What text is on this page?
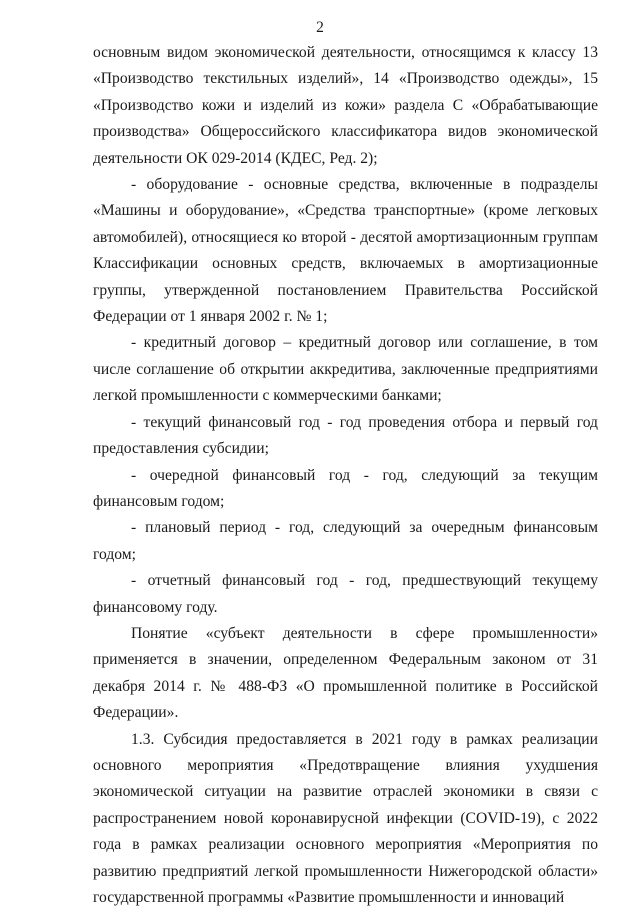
2

основным видом экономической деятельности, относящимся к классу 13 «Производство текстильных изделий», 14 «Производство одежды», 15 «Производство кожи и изделий из кожи» раздела С «Обрабатывающие производства» Общероссийского классификатора видов экономической деятельности ОК 029-2014 (КДЕС, Ред. 2);

- оборудование - основные средства, включенные в подразделы «Машины и оборудование», «Средства транспортные» (кроме легковых автомобилей), относящиеся ко второй - десятой амортизационным группам Классификации основных средств, включаемых в амортизационные группы, утвержденной постановлением Правительства Российской Федерации от 1 января 2002 г. № 1;

- кредитный договор – кредитный договор или соглашение, в том числе соглашение об открытии аккредитива, заключенные предприятиями легкой промышленности с коммерческими банками;

- текущий финансовый год - год проведения отбора и первый год предоставления субсидии;

- очередной финансовый год - год, следующий за текущим финансовым годом;

- плановый период - год, следующий за очередным финансовым годом;

- отчетный финансовый год - год, предшествующий текущему финансовому году.

Понятие «субъект деятельности в сфере промышленности» применяется в значении, определенном Федеральным законом от 31 декабря 2014 г. № 488-ФЗ «О промышленной политике в Российской Федерации».

1.3. Субсидия предоставляется в 2021 году в рамках реализации основного мероприятия «Предотвращение влияния ухудшения экономической ситуации на развитие отраслей экономики в связи с распространением новой коронавирусной инфекции (COVID-19), с 2022 года в рамках реализации основного мероприятия «Мероприятия по развитию предприятий легкой промышленности Нижегородской области» государственной программы «Развитие промышленности и инноваций
